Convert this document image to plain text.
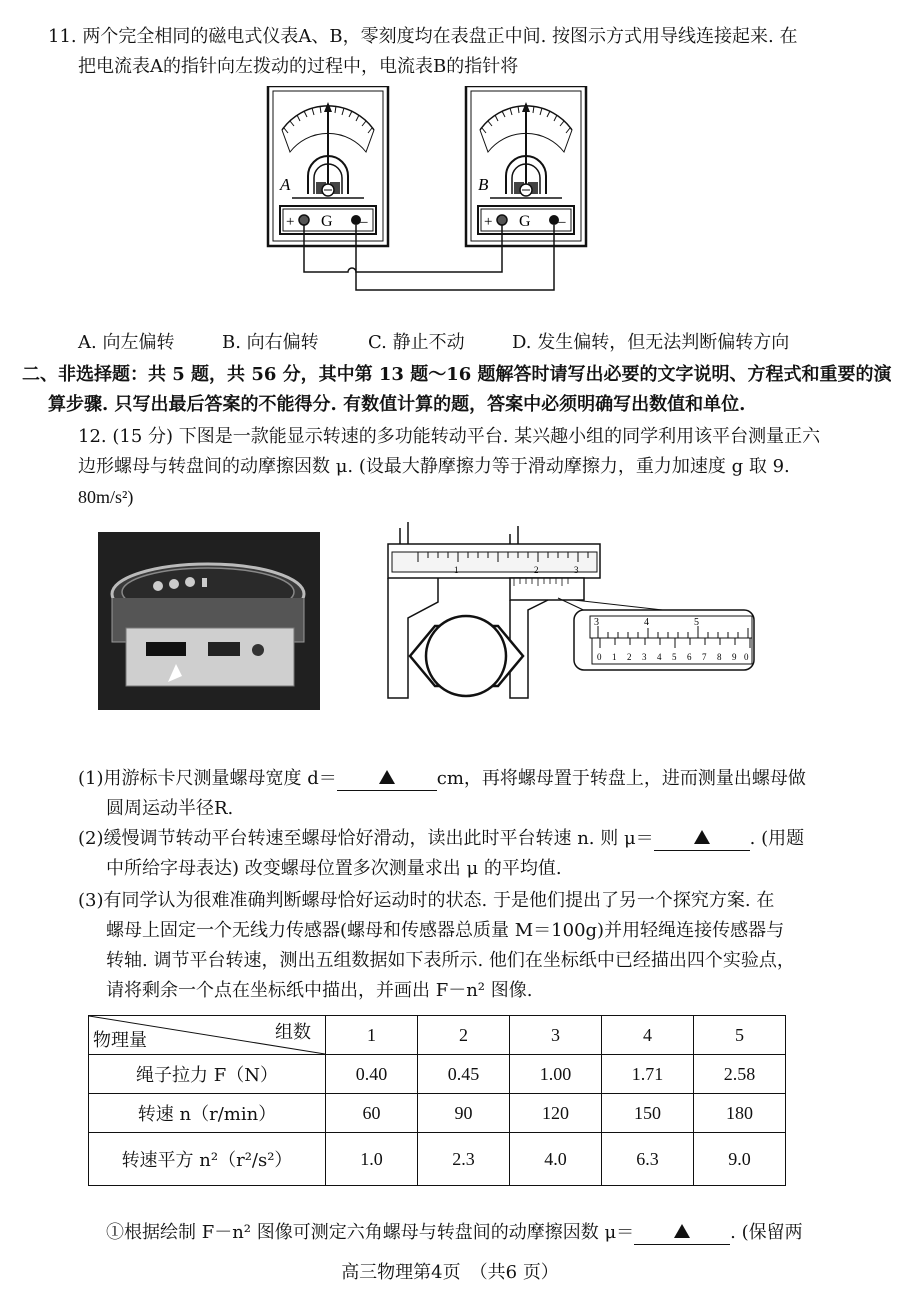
11. 两个完全相同的磁电式仪表A、B，零刻度均在表盘正中间. 按图示方式用导线连接起来. 在
把电流表A的指针向左拨动的过程中，电流表B的指针将
A
+ G –
B
+ G –
A. 向左偏转	B. 向右偏转	C. 静止不动	D. 发生偏转，但无法判断偏转方向
二、非选择题：共 5 题，共 56 分，其中第 13 题～16 题解答时请写出必要的文字说明、方程式和重要的演
算步骤. 只写出最后答案的不能得分. 有数值计算的题，答案中必须明确写出数值和单位.
12. (15 分) 下图是一款能显示转速的多功能转动平台. 某兴趣小组的同学利用该平台测量正六
边形螺母与转盘间的动摩擦因数 μ. (设最大静摩擦力等于滑动摩擦力，重力加速度 g 取 9.
80m/s²)
1	2	3
3	4	5
0 1 2 3 4 5 6 7 8 9 0
(1)用游标卡尺测量螺母宽度 d＝	cm，再将螺母置于转盘上，进而测量出螺母做
圆周运动半径R.
(2)缓慢调节转动平台转速至螺母恰好滑动，读出此时平台转速 n. 则 μ＝	. (用题
中所给字母表达) 改变螺母位置多次测量求出 μ 的平均值.
(3)有同学认为很难准确判断螺母恰好运动时的状态. 于是他们提出了另一个探究方案. 在
螺母上固定一个无线力传感器(螺母和传感器总质量 M＝100g)并用轻绳连接传感器与
转轴. 调节平台转速，测出五组数据如下表所示. 他们在坐标纸中已经描出四个实验点，
请将剩余一个点在坐标纸中描出，并画出 F－n² 图像.
组数
物理量	1	2	3	4	5
绳子拉力 F（N）	0.40	0.45	1.00	1.71	2.58
转速 n（r/min）	60	90	120	150	180
转速平方 n²（r²/s²）	1.0	2.3	4.0	6.3	9.0
①根据绘制 F－n² 图像可测定六角螺母与转盘间的动摩擦因数 μ＝	. (保留两
高三物理第4页　（共6 页）
